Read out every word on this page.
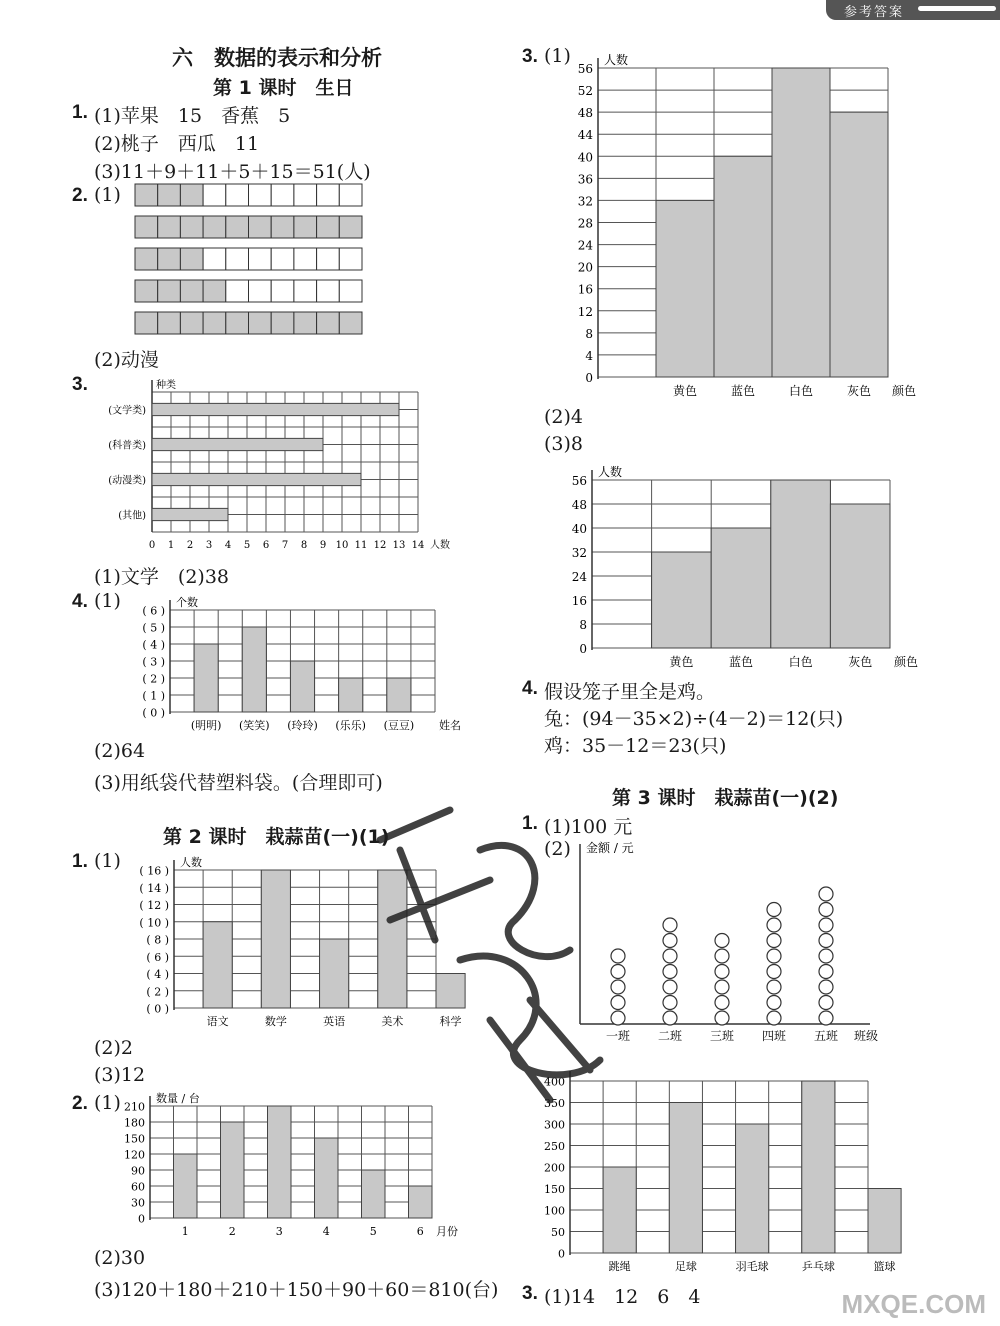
参考答案
六　数据的表示和分析
第 1 课时　生日
1. (1)苹果　15　香蕉　5
(2)桃子　西瓜　11
(3)11＋9＋11＋5＋15＝51(人)
2. (1)
(2)动漫
3.
(文学类)
(科普类)
(动漫类)
(其他)
0 1 2 3 4 5 6 7 8 9 10 11 12 13 14 人数
种类
(1)文学　(2)38
4. (1)
(明明) (笑笑) (玲玲) (乐乐) (豆豆)
( 0 )
( 1 )
( 2 )
( 3 )
( 4 )
( 5 )
( 6 )
个数
姓名
(2)64
(3)用纸袋代替塑料袋。(合理即可)
第 2 课时　栽蒜苗(一)(1)
1. (1)
语文	数学	英语	美术	科学
( 0 )
( 2 )
( 4 )
( 6 )
( 8 )
( 10 )
( 12 )
( 14 )
( 16 )
人数
(2)2
(3)12
2. (1)
1	2	3	4	5	6
0
30
60
90
120
150
180
210
数量 / 台
月份
(2)30
(3)120＋180＋210＋150＋90＋60＝810(台)
3. (1)
黄色	蓝色	白色	灰色
0
4
8
12
16
20
24
28
32
36
40
44
48
52
56
人数
颜色
(2)4
(3)8
黄色	蓝色	白色	灰色
0
8
16
24
32
40
48
56
人数
颜色
4. 假设笼子里全是鸡。
兔：(94－35×2)÷(4－2)＝12(只)
鸡：35－12＝23(只)
第 3 课时　栽蒜苗(一)(2)
1. (1)100 元
(2)
一班 二班 三班 四班 五班 班级
金额 / 元
跳绳	足球	羽毛球	乒乓球	篮球
0
50
100
150
200
250
300
350
400
3. (1)14　12　6　4	MXQE.COM
